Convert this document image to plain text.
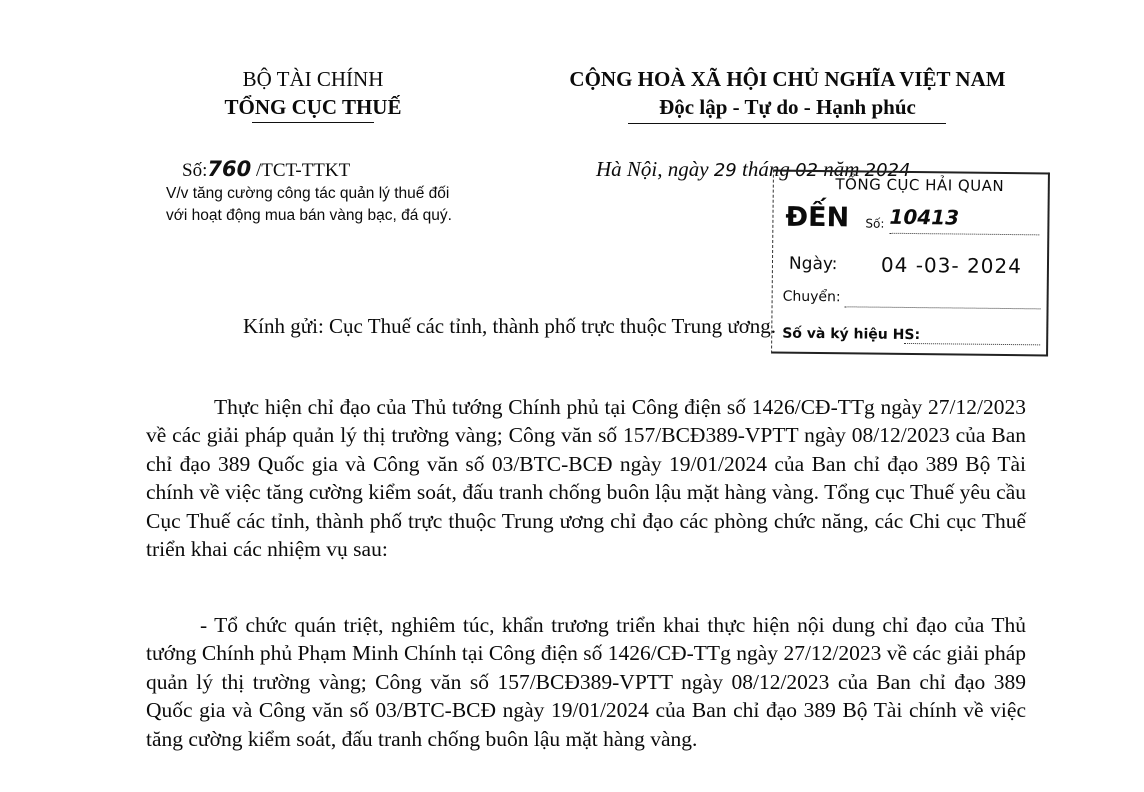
BỘ TÀI CHÍNH
TỔNG CỤC THUẾ
CỘNG HOÀ XÃ HỘI CHỦ NGHĨA VIỆT NAM
Độc lập - Tự do - Hạnh phúc
Số:760 /TCT-TTKT
V/v tăng cường công tác quản lý thuế đối với hoạt động mua bán vàng bạc, đá quý.
Hà Nội, ngày 29 tháng 02 năm 2024
TỔNG CỤC HẢI QUAN
ĐẾN Số: 10413
Ngày: 04 -03- 2024
Chuyển:
Số và ký hiệu HS:
Kính gửi: Cục Thuế các tỉnh, thành phố trực thuộc Trung ương.

Thực hiện chỉ đạo của Thủ tướng Chính phủ tại Công điện số 1426/CĐ-TTg ngày 27/12/2023 về các giải pháp quản lý thị trường vàng; Công văn số 157/BCĐ389-VPTT ngày 08/12/2023 của Ban chỉ đạo 389 Quốc gia và Công văn số 03/BTC-BCĐ ngày 19/01/2024 của Ban chỉ đạo 389 Bộ Tài chính về việc tăng cường kiểm soát, đấu tranh chống buôn lậu mặt hàng vàng. Tổng cục Thuế yêu cầu Cục Thuế các tỉnh, thành phố trực thuộc Trung ương chỉ đạo các phòng chức năng, các Chi cục Thuế triển khai các nhiệm vụ sau:

- Tổ chức quán triệt, nghiêm túc, khẩn trương triển khai thực hiện nội dung chỉ đạo của Thủ tướng Chính phủ Phạm Minh Chính tại Công điện số 1426/CĐ-TTg ngày 27/12/2023 về các giải pháp quản lý thị trường vàng; Công văn số 157/BCĐ389-VPTT ngày 08/12/2023 của Ban chỉ đạo 389 Quốc gia và Công văn số 03/BTC-BCĐ ngày 19/01/2024 của Ban chỉ đạo 389 Bộ Tài chính về việc tăng cường kiểm soát, đấu tranh chống buôn lậu mặt hàng vàng.
